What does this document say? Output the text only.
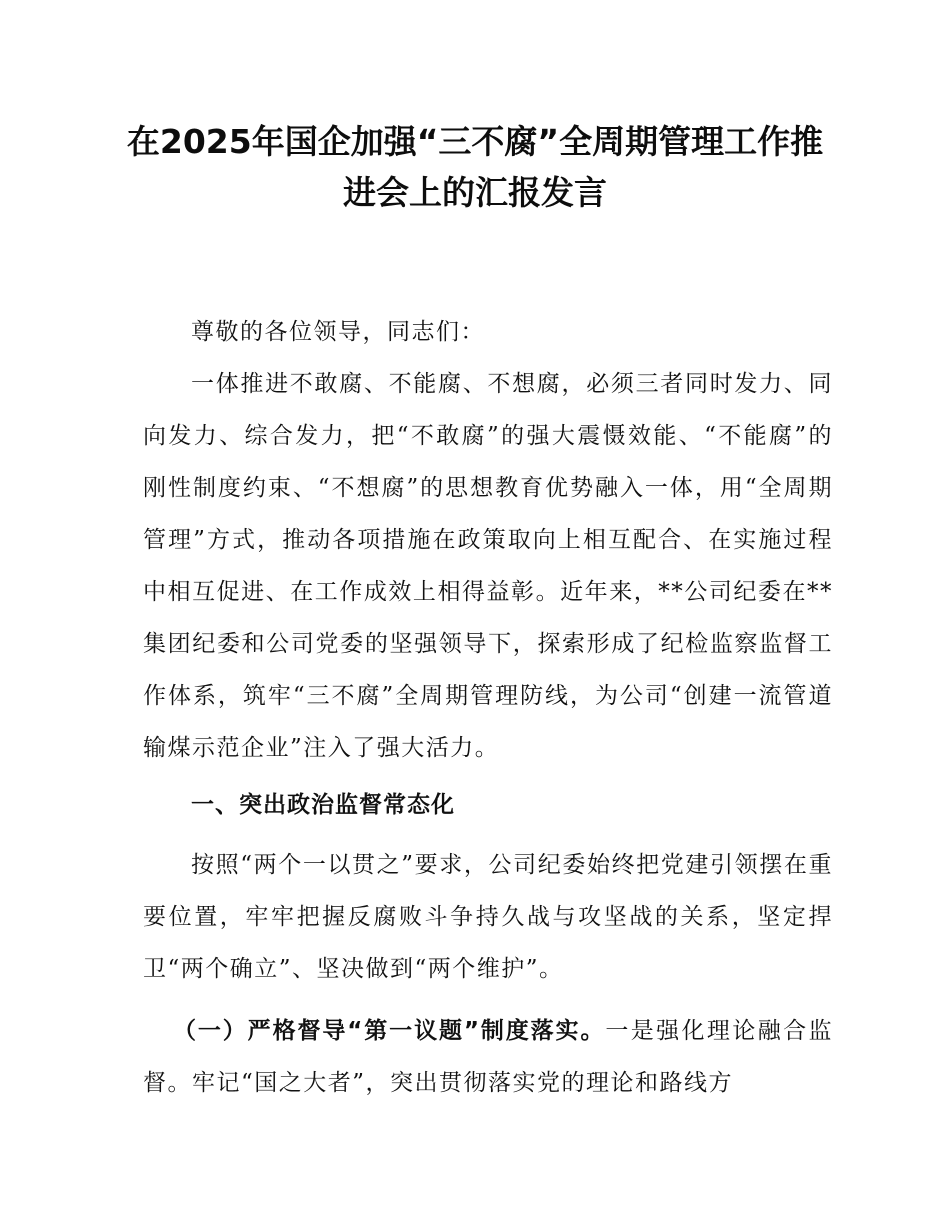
在2025年国企加强“三不腐”全周期管理工作推进会上的汇报发言

尊敬的各位领导，同志们：

一体推进不敢腐、不能腐、不想腐，必须三者同时发力、同向发力、综合发力，把“不敢腐”的强大震慑效能、“不能腐”的刚性制度约束、“不想腐”的思想教育优势融入一体，用“全周期管理”方式，推动各项措施在政策取向上相互配合、在实施过程中相互促进、在工作成效上相得益彰。近年来，**公司纪委在**集团纪委和公司党委的坚强领导下，探索形成了纪检监察监督工作体系，筑牢“三不腐”全周期管理防线，为公司“创建一流管道输煤示范企业”注入了强大活力。

一、突出政治监督常态化

按照“两个一以贯之”要求，公司纪委始终把党建引领摆在重要位置，牢牢把握反腐败斗争持久战与攻坚战的关系，坚定捍卫“两个确立”、坚决做到“两个维护”。

（一）严格督导“第一议题”制度落实。一是强化理论融合监督。牢记“国之大者”，突出贯彻落实党的理论和路线方
